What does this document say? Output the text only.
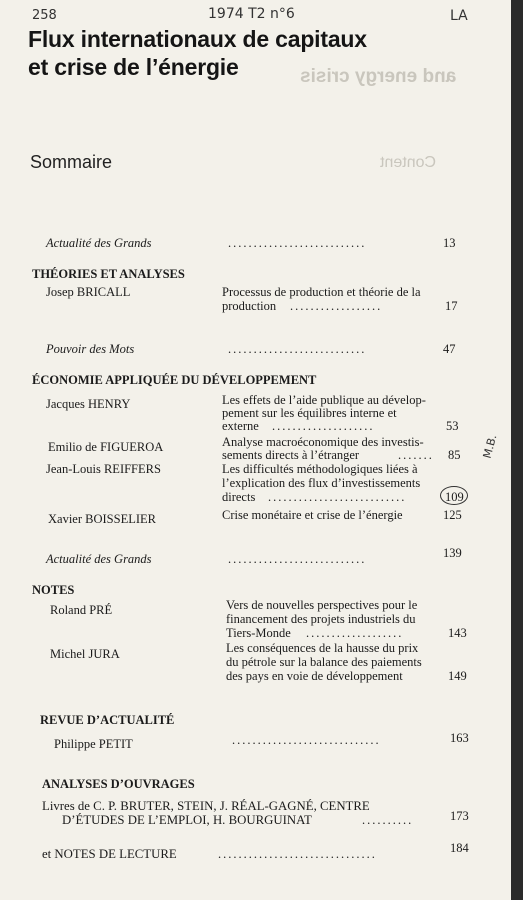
and energy crisis
Content
258	1974 T2 n°6	LA
M.B.
Flux internationaux de capitaux
et crise de l’énergie
Sommaire
Actualité des Grands	...........................	13
THÉORIES ET ANALYSES
Josep BRICALL	Processus de production et théorie de la
production ..................	17
Pouvoir des Mots	...........................	47
ÉCONOMIE APPLIQUÉE DU DÉVELOPPEMENT
Jacques HENRY	Les effets de l’aide publique au dévelop-
pement sur les équilibres interne et
externe ....................	53
Emilio de FIGUEROA	Analyse macroéconomique des investis-
sements directs à l’étranger	....... 85
Jean-Louis REIFFERS	Les difficultés méthodologiques liées à
l’explication des flux d’investissements
directs ...........................	109
Xavier BOISSELIER	Crise monétaire et crise de l’énergie	125
Actualité des Grands	...........................	139
NOTES
Roland PRÉ	Vers de nouvelles perspectives pour le
financement des projets industriels du
Tiers-Monde ...................	143
Michel JURA	Les conséquences de la hausse du prix
du pétrole sur la balance des paiements
des pays en voie de développement	149
REVUE D’ACTUALITÉ
Philippe PETIT	.............................	163
ANALYSES D’OUVRAGES
Livres de C. P. BRUTER, STEIN, J. RÉAL-GAGNÉ, CENTRE
D’ÉTUDES DE L’EMPLOI, H. BOURGUINAT	..........	173
et NOTES DE LECTURE	...............................	184
